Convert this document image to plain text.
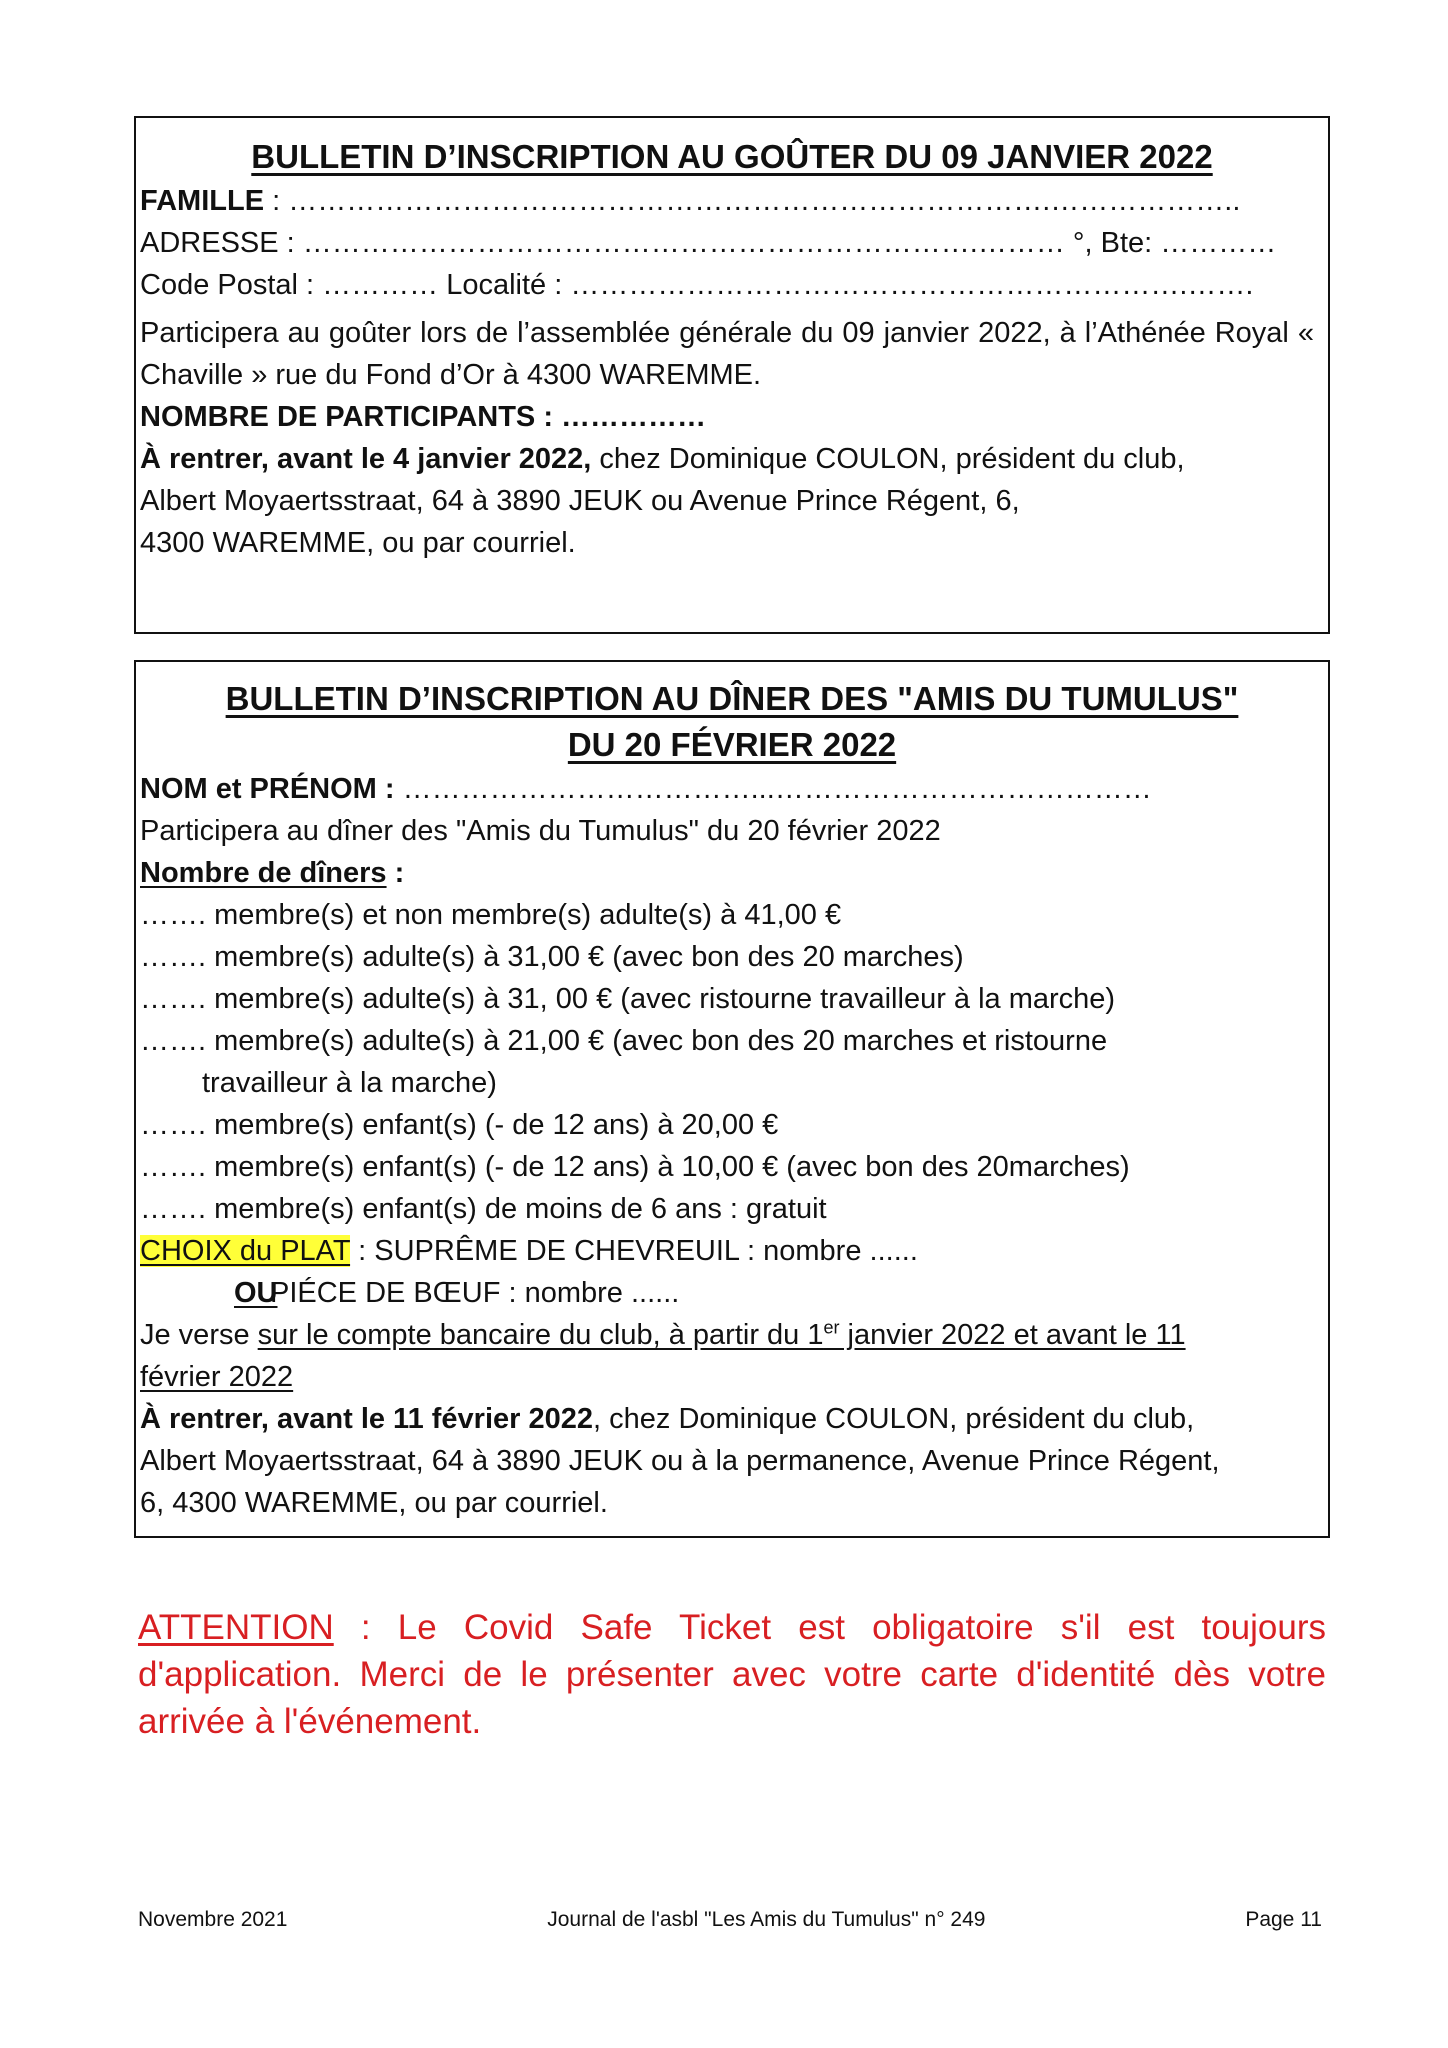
BULLETIN D’INSCRIPTION AU GOÛTER DU 09 JANVIER 2022

FAMILLE : …………………………………………………………………….………………..
ADRESSE : …………………………………………………………….……… °, Bte: …………
Code Postal : ………… Localité : ……………………………………………………….…….
Participera au goûter lors de l’assemblée générale du 09 janvier 2022, à l’Athénée Royal « Chaville » rue du Fond d’Or à 4300 WAREMME.
NOMBRE DE PARTICIPANTS : ……………
À rentrer, avant le 4 janvier 2022, chez Dominique COULON, président du club,
Albert Moyaertsstraat, 64 à 3890 JEUK ou Avenue Prince Régent, 6,
4300 WAREMME, ou par courriel.

BULLETIN D’INSCRIPTION AU DÎNER DES "AMIS DU TUMULUS"

DU 20 FÉVRIER 2022

NOM et PRÉNOM : ………………………………...…………………………………
Participera au dîner des "Amis du Tumulus" du 20 février 2022
Nombre de dîners :
……. membre(s) et non membre(s) adulte(s) à 41,00 €
……. membre(s) adulte(s) à 31,00 € (avec bon des 20 marches)
……. membre(s) adulte(s) à 31, 00 € (avec ristourne travailleur à la marche)
……. membre(s) adulte(s) à 21,00 € (avec bon des 20 marches et ristourne
travailleur à la marche)
……. membre(s) enfant(s) (- de 12 ans) à 20,00 €
……. membre(s) enfant(s) (- de 12 ans) à 10,00 € (avec bon des 20marches)
……. membre(s) enfant(s) de moins de 6 ans : gratuit
CHOIX du PLAT : SUPRÊME DE CHEVREUIL : nombre ......
OUPIÉCE DE BŒUF : nombre ......
Je verse sur le compte bancaire du club, à partir du 1er janvier 2022 et avant le 11
février 2022
À rentrer, avant le 11 février 2022, chez Dominique COULON, président du club,
Albert Moyaertsstraat, 64 à 3890 JEUK ou à la permanence, Avenue Prince Régent,
6, 4300 WAREMME, ou par courriel.

ATTENTION : Le Covid Safe Ticket est obligatoire s'il est toujours d'application. Merci de le présenter avec votre carte d'identité dès votre arrivée à l'événement.

Novembre 2021	Journal de l'asbl "Les Amis du Tumulus" n° 249	Page 11
